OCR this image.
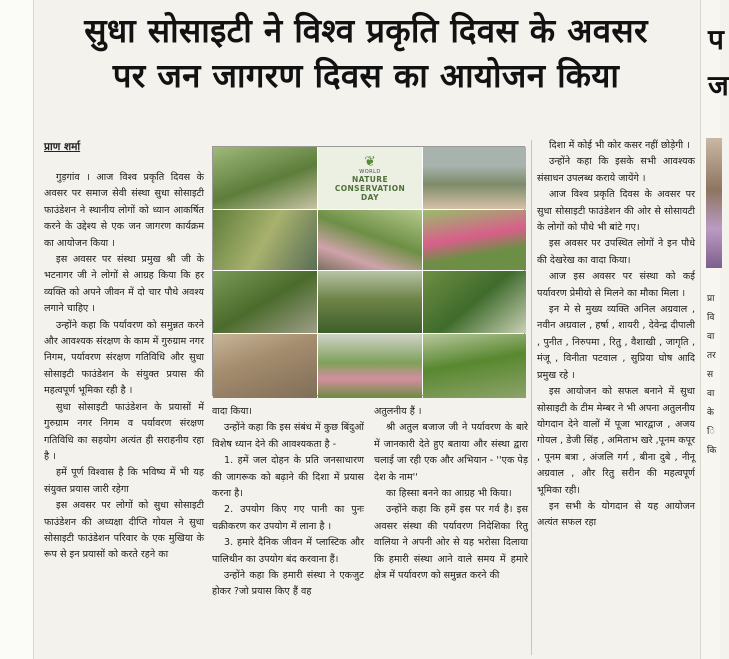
प
ज
प्रा
वि
वा
तर
स
वा
के
ि
कि
सुधा सोसाइटी ने विश्व प्रकृति दिवस के अवसर
पर जन जागरण दिवस का आयोजन किया
प्राण शर्मा

गुड़गांव । आज विश्व प्रकृति दिवस के अवसर पर समाज सेवी संस्था सुधा सोसाइटी फाउंडेशन ने स्थानीय लोगों को ध्यान आकर्षित करने के उद्देश्य से एक जन जागरण कार्यक्रम का आयोजन किया ।

इस अवसर पर संस्था प्रमुख श्री जी के भटनागर जी ने लोगों से आग्रह किया कि हर व्यक्ति को अपने जीवन में दो चार पौधे अवश्य लगाने चाहिए ।

उन्होंने कहा कि पर्यावरण को समुन्नत करने और आवश्यक संरक्षण के काम में गुरुग्राम नगर निगम, पर्यावरण संरक्षण गतिविधि और सुधा सोसाइटी फाउंडेशन के संयुक्त प्रयास की महत्वपूर्ण भूमिका रही है ।

सुधा सोसाइटी फाउंडेशन के प्रयासों में गुरुग्राम नगर निगम व पर्यावरण संरक्षण गतिविधि का सहयोग अत्यंत ही सराहनीय रहा है ।

हमें पूर्ण विश्वास है कि भविष्य में भी यह संयुक्त प्रयास जारी रहेगा

इस अवसर पर लोगों को सुधा सोसाइटी फाउंडेशन की अध्यक्षा दीप्ति गोयल ने सुधा सोसाइटी फाउंडेशन परिवार के एक मुखिया के रूप से इन प्रयासों को करते रहने का

❦
WORLD
NATURE
CONSERVATION
DAY

वादा किया।

उन्होंने कहा कि इस संबंध में कुछ बिंदुओं विशेष ध्यान देने की आवश्यकता है -

1. हमें जल दोहन के प्रति जनसाधारण की जागरूक को बढ़ाने की दिशा में प्रयास करना है।

2. उपयोग किए गए पानी का पुनः चक्रीकरण कर उपयोग में लाना है ।

3. हमारे दैनिक जीवन में प्लास्टिक और पालिथीन का उपयोग बंद करवाना हैं।

उन्होंने कहा कि हमारी संस्था ने एकजुट होकर ?जो प्रयास किए हैं वह

अतुलनीय हैं ।

श्री अतुल बजाज जी ने पर्यावरण के बारे में जानकारी देते हुए बताया और संस्था द्वारा चलाई जा रही एक और अभियान - ''एक पेड़ देश के नाम''

का हिस्सा बनने का आग्रह भी किया।

उन्होंने कहा कि हमें इस पर गर्व है। इस अवसर संस्था की पर्यावरण निदेशिका रितु वालिया ने अपनी ओर से यह भरोसा दिलाया कि हमारी संस्था आने वाले समय में हमारे क्षेत्र में पर्यावरण को समुन्नत करने की

दिशा में कोई भी कोर कसर नहीं छोड़ेगी ।

उन्होंने कहा कि इसके सभी आवश्यक संसाधन उपलब्ध कराये जायेंगे ।

आज विश्व प्रकृति दिवस के अवसर पर सुधा सोसाइटी फाउंडेशन की ओर से सोसायटी के लोगों को पौधे भी बांटे गए।

इस अवसर पर उपस्थित लोगों ने इन पौधे की देखरेख का वादा किया।

आज इस अवसर पर संस्था को कई पर्यावरण प्रेमीयो से मिलने का मौका मिला ।

इन मे से मुख्य व्यक्ति अनिल अग्रवाल , नवीन अग्रवाल , हर्षा , शायरी , देवेन्द्र दीपाली , पुनीत , निरुपमा , रितु , वैशाखी , जागृति , मंजू , विनीता पटवाल , सुप्रिया घोष आदि प्रमुख रहे ।

इस आयोजन को सफल बनाने में सुधा सोसाइटी के टीम मेम्बर ने भी अपना अतुलनीय योगदान देने वालों में पूजा भारद्वाज , अजय गोयल , डेजी सिंह , अमिताभ खरे ,पूनम कपूर , पूनम बत्रा , अंजलि गर्ग , बीना दुबे , नीनू अग्रवाल , और रितु सरीन की महत्वपूर्ण भूमिका रही।

इन सभी के योगदान से यह आयोजन अत्यंत सफल रहा
